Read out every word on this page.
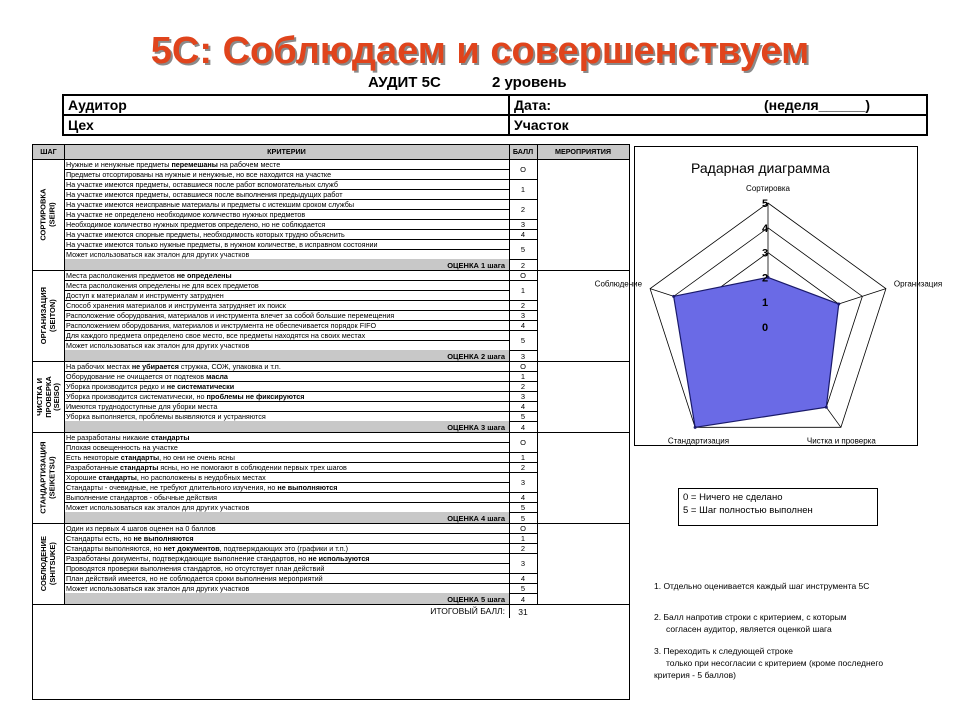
5С: Соблюдаем и совершенствуем
АУДИТ 5С	2 уровень
Аудитор	Дата:	(неделя______)
Цех	Участок
ШАГ	КРИТЕРИИ	БАЛЛ	МЕРОПРИЯТИЯ
Нужные и ненужные предметы перемешаны на рабочем месте
Предметы отсортированы на нужные и ненужные, но все находится на участке	О
На участке имеются предметы, оставшиеся после работ вспомогательных служб
На участке имеются предметы, оставшиеся после выполнения предыдущих работ	1
На участке имеются неисправные материалы и предметы с истекшим сроком службы
На участке не определено необходимое количество нужных предметов	2
Необходимое количество нужных предметов определено, но не соблюдается	3
На участке имеются спорные предметы, необходимость которых трудно объяснить	4
На участке имеются только нужные предметы, в нужном количестве, в исправном состоянии
Может использоваться как эталон для других участков	5
ОЦЕНКА 1 шага	2
СОРТИРОВКА
(SEIRI)
Места расположения предметов не определены	О
Места расположения определены не для всех предметов
Доступ к материалам и инструменту затруднен	1
Способ хранения материалов и инструмента затрудняет их поиск	2
Расположение оборудования, материалов и инструмента влечет за собой большие перемещения	3
Расположением оборудования, материалов и инструмента не обеспечивается порядок FIFO	4
Для каждого предмета определено свое место, все предметы находятся на своих местах
Может использоваться как эталон для других участков	5
ОЦЕНКА 2 шага	3
ОРГАНИЗАЦИЯ
(SEITON)
На рабочих местах не убирается стружка, СОЖ, упаковка и т.п.	О
Оборудование не очищается от подтеков масла	1
Уборка производится редко и не систематически	2
Уборка производится систематически, но проблемы не фиксируются	3
Имеются труднодоступные для уборки места	4
Уборка выполняется, проблемы выявляются и устраняются	5
ОЦЕНКА 3 шага	4
ЧИСТКА И
ПРОВЕРКА
(SEISO)
Не разработаны никакие стандарты
Плохая освещенность на участке	О
Есть некоторые стандарты, но они не очень ясны	1
Разработанные стандарты ясны, но не помогают в соблюдении первых трех шагов	2
Хорошие стандарты, но расположены в неудобных местах
Стандарты - очевидные, не требуют длительного изучения, но не выполняются	3
Выполнение стандартов - обычные действия	4
Может использоваться как эталон для других участков	5
ОЦЕНКА 4 шага	5
СТАНДАРТИЗАЦИЯ
(SEIKETSU)
Один из первых 4 шагов оценен на 0 баллов	О
Стандарты есть, но не выполняются	1
Стандарты выполняются, но нет документов, подтверждающих это (графики и т.п.)	2
Разработаны документы, подтверждающие выполнение стандартов, но не используются
Проводятся проверки выполнения стандартов, но отсутствует план действий	3
План действий имеется, но не соблюдается сроки выполнения мероприятий	4
Может использоваться как эталон для других участков	5
ОЦЕНКА 5 шага	4
СОБЛЮДЕНИЕ
(SHITSUKE)
ИТОГОВЫЙ БАЛЛ:	31
Радарная диаграмма
0
1
2
3
4
5
Сортировка
Организация
Чистка и проверка
Стандартизация
Соблюдение
0 = Ничего не сделано
5 = Шаг полностью выполнен
1. Отдельно оценивается каждый шаг инструмента 5С
2. Балл напротив строки с критерием, с которым
согласен аудитор, является оценкой шага
3. Переходить к следующей строке
только при несогласии с критерием (кроме последнего
критерия - 5 баллов)
